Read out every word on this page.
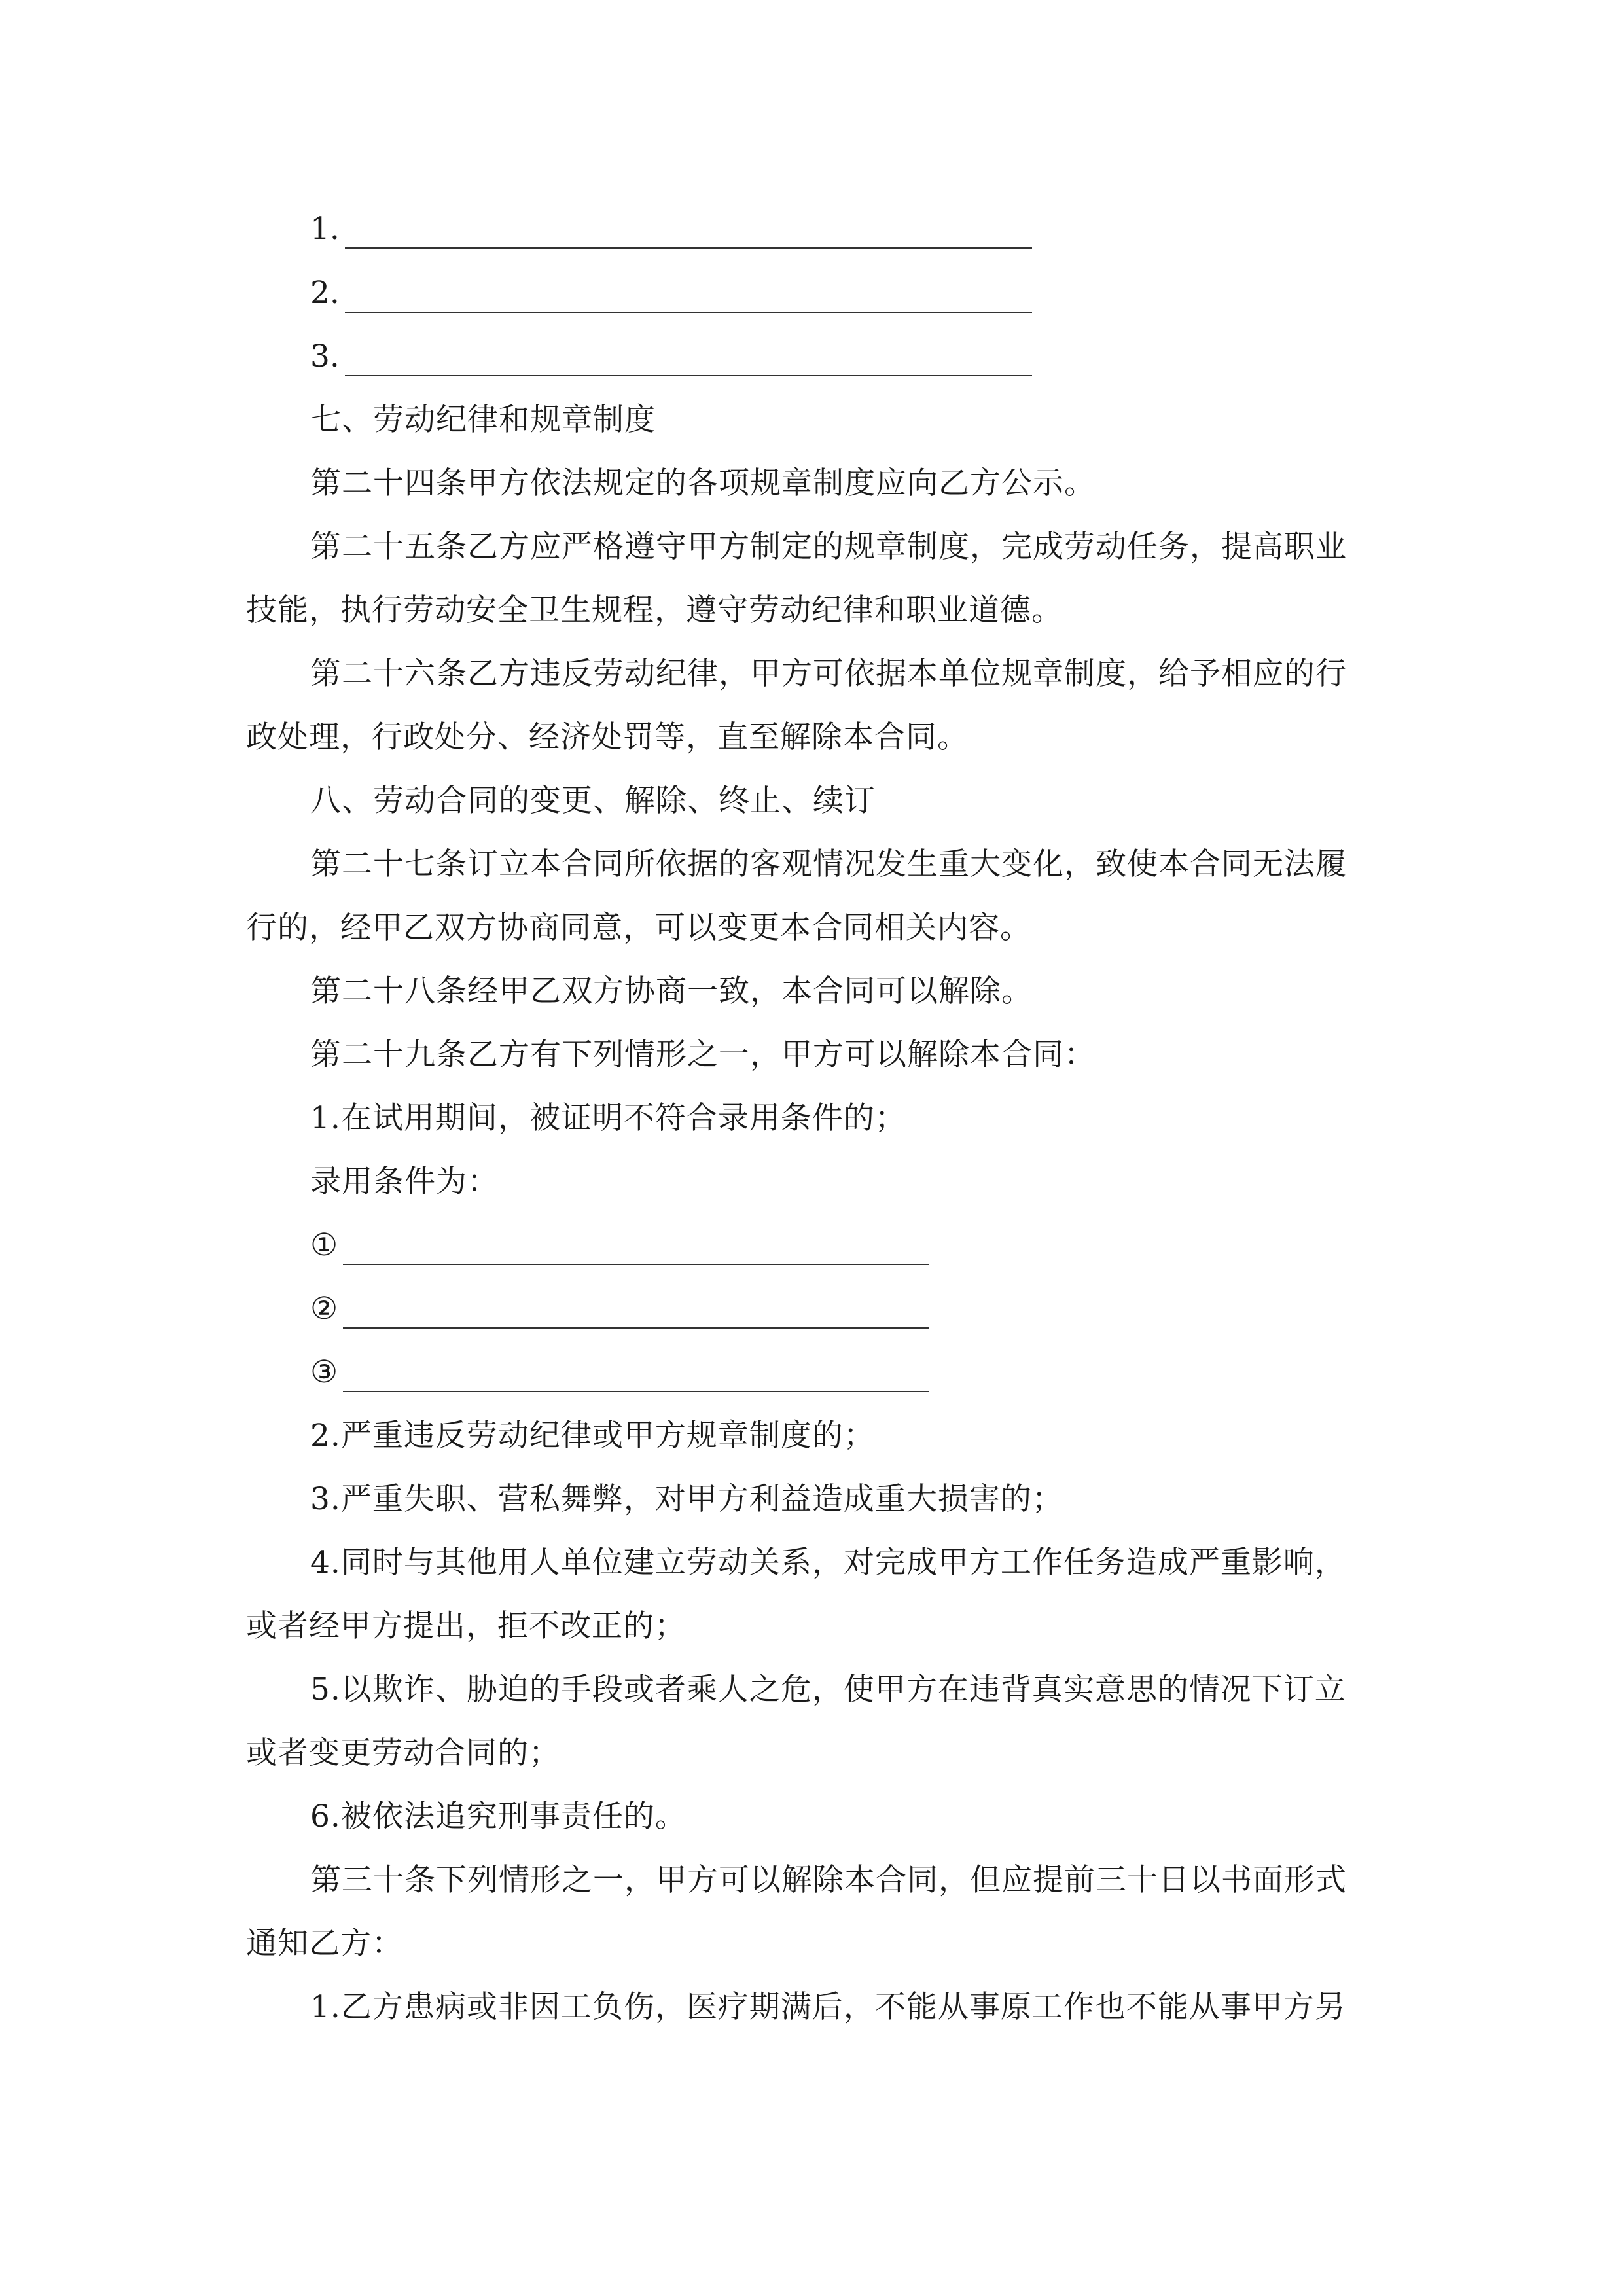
1.
2.
3.
七、劳动纪律和规章制度
第二十四条甲方依法规定的各项规章制度应向乙方公示。
第二十五条乙方应严格遵守甲方制定的规章制度，完成劳动任务，提高职业
技能，执行劳动安全卫生规程，遵守劳动纪律和职业道德。
第二十六条乙方违反劳动纪律，甲方可依据本单位规章制度，给予相应的行
政处理，行政处分、经济处罚等，直至解除本合同。
八、劳动合同的变更、解除、终止、续订
第二十七条订立本合同所依据的客观情况发生重大变化，致使本合同无法履
行的，经甲乙双方协商同意，可以变更本合同相关内容。
第二十八条经甲乙双方协商一致，本合同可以解除。
第二十九条乙方有下列情形之一，甲方可以解除本合同：
1.在试用期间，被证明不符合录用条件的；
录用条件为：
①
②
③
2.严重违反劳动纪律或甲方规章制度的；
3.严重失职、营私舞弊，对甲方利益造成重大损害的；
4.同时与其他用人单位建立劳动关系，对完成甲方工作任务造成严重影响，
或者经甲方提出，拒不改正的；
5.以欺诈、胁迫的手段或者乘人之危，使甲方在违背真实意思的情况下订立
或者变更劳动合同的；
6.被依法追究刑事责任的。
第三十条下列情形之一，甲方可以解除本合同，但应提前三十日以书面形式
通知乙方：
1.乙方患病或非因工负伤，医疗期满后，不能从事原工作也不能从事甲方另
